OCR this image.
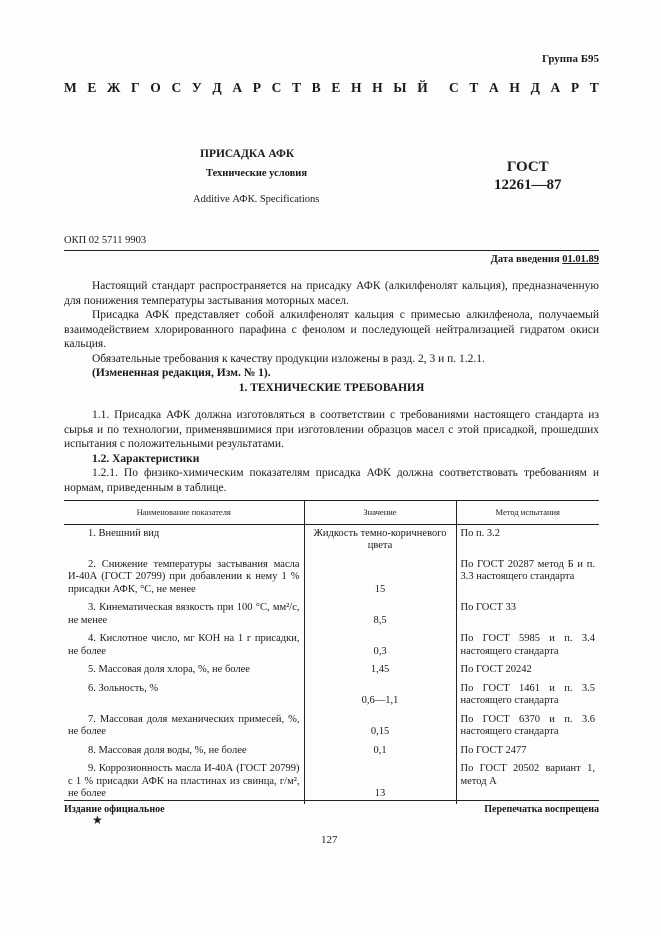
Группа Б95
М Е Ж Г О С У Д А Р С Т В Е Н Н Ы Й С Т А Н Д А Р Т
ПРИСАДКА АФК
Технические условия
Additive АФК. Specifications
ГОСТ
12261—87
ОКП 02 5711 9903
Дата введения 01.01.89

Настоящий стандарт распространяется на присадку АФК (алкилфенолят кальция), предназначенную для понижения температуры застывания моторных масел.

Присадка АФК представляет собой алкилфенолят кальция с примесью алкилфенола, получаемый взаимодействием хлорированного парафина с фенолом и последующей нейтрализацией гидратом окиси кальция.

Обязательные требования к качеству продукции изложены в разд. 2, 3 и п. 1.2.1.

(Измененная редакция, Изм. № 1).

1. ТЕХНИЧЕСКИЕ ТРЕБОВАНИЯ

1.1. Присадка АФК должна изготовляться в соответствии с требованиями настоящего стандарта из сырья и по технологии, применявшимися при изготовлении образцов масел с этой присадкой, прошедших испытания с положительными результатами.

1.2. Характеристики

1.2.1. По физико-химическим показателям присадка АФК должна соответствовать требованиям и нормам, приведенным в таблице.

Наименование показателя	Значение	Метод испытания

1. Внешний вид	Жидкость темно-коричневого цвета	По п. 3.2

2. Снижение температуры застывания масла И-40А (ГОСТ 20799) при добавлении к нему 1 % присадки АФК, °С, не менее	15	По ГОСТ 20287 метод Б и п. 3.3 настоящего стандарта

3. Кинематическая вязкость при 100 °С, мм²/с, не менее	8,5	По ГОСТ 33

4. Кислотное число, мг КОН на 1 г присадки, не более	0,3	По ГОСТ 5985 и п. 3.4 настоящего стандарта

5. Массовая доля хлора, %, не более	1,45	По ГОСТ 20242

6. Зольность, %	0,6—1,1	По ГОСТ 1461 и п. 3.5 настоящего стандарта

7. Массовая доля механических примесей, %, не более	0,15	По ГОСТ 6370 и п. 3.6 настоящего стандарта

8. Массовая доля воды, %, не более	0,1	По ГОСТ 2477

9. Коррозионность масла И-40А (ГОСТ 20799) с 1 % присадки АФК на пластинах из свинца, г/м², не более	13	По ГОСТ 20502 вариант 1, метод А
Издание официальное	Перепечатка воспрещена
★
127
